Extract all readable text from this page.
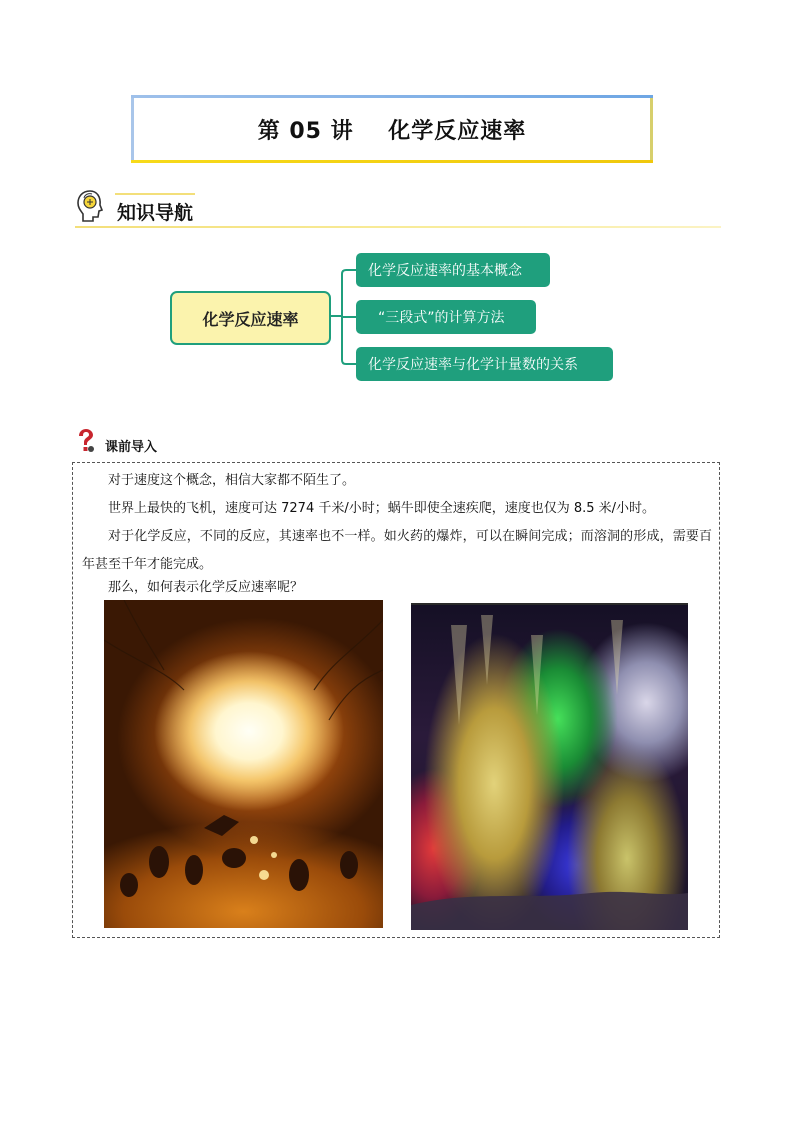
第 05 讲    化学反应速率
知识导航
化学反应速率
化学反应速率的基本概念
“三段式”的计算方法
化学反应速率与化学计量数的关系
课前导入
对于速度这个概念，相信大家都不陌生了。
世界上最快的飞机，速度可达 7274 千米/小时；蜗牛即使全速疾爬，速度也仅为 8.5 米/小时。
对于化学反应，不同的反应，其速率也不一样。如火药的爆炸，可以在瞬间完成；而溶洞的形成，需要百年甚至千年才能完成。
那么，如何表示化学反应速率呢？
